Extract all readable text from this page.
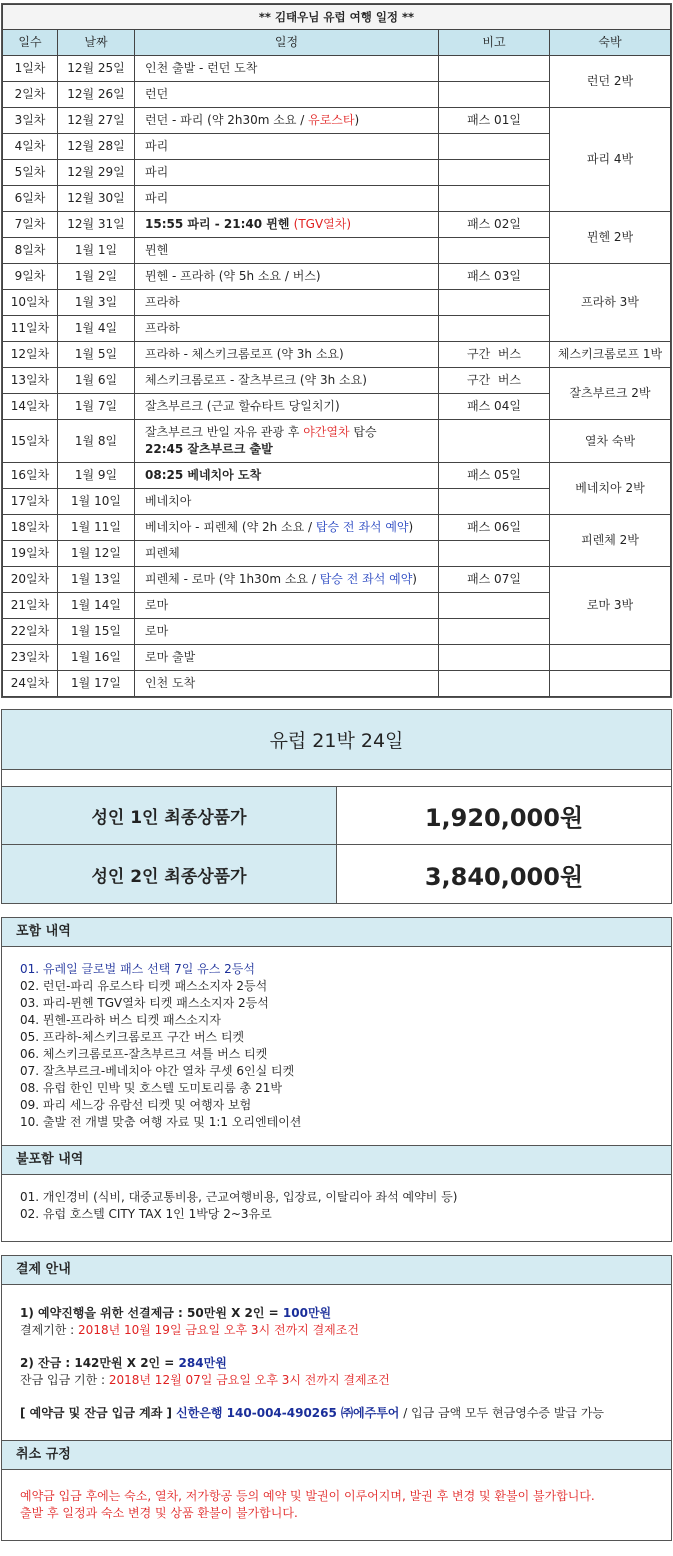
** 김태우님 유럽 여행 일정 **				
일수	날짜	일정	비고	숙박
1일차	12월 25일	인천 출발 - 런던 도착		런던 2박
2일차	12월 26일	런던		
3일차	12월 27일	런던 - 파리 (약 2h30m 소요 / 유로스타)	패스 01일	파리 4박
4일차	12월 28일	파리		
5일차	12월 29일	파리		
6일차	12월 30일	파리		
7일차	12월 31일	15:55 파리 - 21:40 뮌헨 (TGV열차)	패스 02일	뮌헨 2박
8일차	1월 1일	뮌헨		
9일차	1월 2일	뮌헨 - 프라하 (약 5h 소요 / 버스)	패스 03일	프라하 3박
10일차	1월 3일	프라하		
11일차	1월 4일	프라하		
12일차	1월 5일	프라하 - 체스키크롬로프 (약 3h 소요)	구간  버스	체스키크롬로프 1박
13일차	1월 6일	체스키크롬로프 - 잘츠부르크 (약 3h 소요)	구간  버스	잘츠부르크 2박
14일차	1월 7일	잘츠부르크 (근교 할슈타트 당일치기)	패스 04일	
15일차	1월 8일	잘츠부르크 반일 자유 관광 후 야간열차 탑승
22:45 잘츠부르크 출발		열차 숙박
16일차	1월 9일	08:25 베네치아 도착	패스 05일	베네치아 2박
17일차	1월 10일	베네치아		
18일차	1월 11일	베네치아 - 피렌체 (약 2h 소요 / 탑승 전 좌석 예약)	패스 06일	피렌체 2박
19일차	1월 12일	피렌체		
20일차	1월 13일	피렌체 - 로마 (약 1h30m 소요 / 탑승 전 좌석 예약)	패스 07일	로마 3박
21일차	1월 14일	로마		
22일차	1월 15일	로마		
23일차	1월 16일	로마 출발		
24일차	1월 17일	인천 도착		
유럽 21박 24일	

성인 1인 최종상품가	1,920,000원
성인 2인 최종상품가	3,840,000원
포함 내역
01. 유레일 글로벌 패스 선택 7일 유스 2등석
02. 런던-파리 유로스타 티켓 패스소지자 2등석
03. 파리-뮌헨 TGV열차 티켓 패스소지자 2등석
04. 뮌헨-프라하 버스 티켓 패스소지자
05. 프라하-체스키크롬로프 구간 버스 티켓
06. 체스키크롬로프-잘츠부르크 셔틀 버스 티켓
07. 잘츠부르크-베네치아 야간 열차 쿠셋 6인실 티켓
08. 유럽 한인 민박 및 호스텔 도미토리룸 총 21박
09. 파리 세느강 유람선 티켓 및 여행자 보험
10. 출발 전 개별 맞춤 여행 자료 및 1:1 오리엔테이션
불포함 내역
01. 개인경비 (식비, 대중교통비용, 근교여행비용, 입장료, 이탈리아 좌석 예약비 등)
02. 유럽 호스텔 CITY TAX 1인 1박당 2~3유로
결제 안내
1) 예약진행을 위한 선결제금 : 50만원 X 2인 = 100만원
결제기한 : 2018년 10월 19일 금요일 오후 3시 전까지 결제조건
2) 잔금 : 142만원 X 2인 = 284만원
잔금 입금 기한 : 2018년 12월 07일 금요일 오후 3시 전까지 결제조건
[ 예약금 및 잔금 입금 계좌 ] 신한은행 140-004-490265 ㈜에주투어 / 입금 금액 모두 현금영수증 발급 가능
취소 규정
예약금 입금 후에는 숙소, 열차, 저가항공 등의 예약 및 발권이 이루어지며, 발권 후 변경 및 환불이 불가합니다.
출발 후 일정과 숙소 변경 및 상품 환불이 불가합니다.
